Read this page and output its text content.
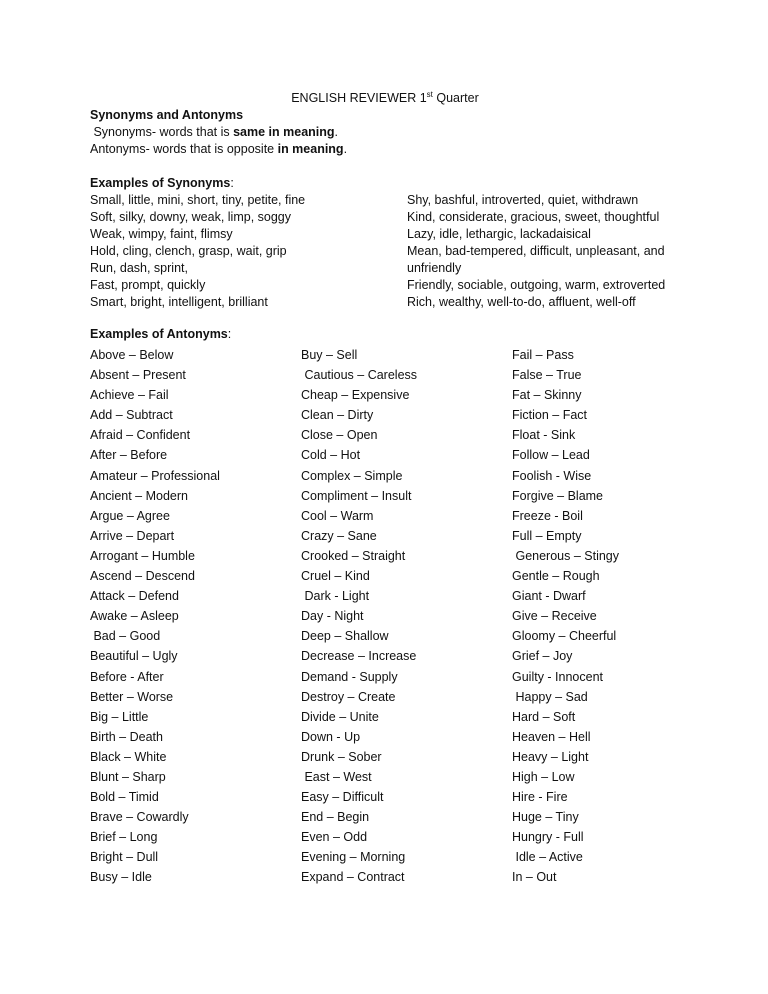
ENGLISH REVIEWER 1st Quarter
Synonyms and Antonyms
Synonyms- words that is same in meaning.
Antonyms- words that is opposite in meaning.
Examples of Synonyms:
Small, little, mini, short, tiny, petite, fine
Soft, silky, downy, weak, limp, soggy
Weak, wimpy, faint, flimsy
Hold, cling, clench, grasp, wait, grip
Run, dash, sprint,
Fast, prompt, quickly
Smart, bright, intelligent, brilliant
Shy, bashful, introverted, quiet, withdrawn
Kind, considerate, gracious, sweet, thoughtful
Lazy, idle, lethargic, lackadaisical
Mean, bad-tempered, difficult, unpleasant, and
unfriendly
Friendly, sociable, outgoing, warm, extroverted
Rich, wealthy, well-to-do, affluent, well-off
Examples of Antonyms:
Above – Below
Absent – Present
Achieve – Fail
Add – Subtract
Afraid – Confident
After – Before
Amateur – Professional
Ancient – Modern
Argue – Agree
Arrive – Depart
Arrogant – Humble
Ascend – Descend
Attack – Defend
Awake – Asleep
Bad – Good
Beautiful – Ugly
Before - After
Better – Worse
Big – Little
Birth – Death
Black – White
Blunt – Sharp
Bold – Timid
Brave – Cowardly
Brief – Long
Bright – Dull
Busy – Idle
Buy – Sell
Cautious – Careless
Cheap – Expensive
Clean – Dirty
Close – Open
Cold – Hot
Complex – Simple
Compliment – Insult
Cool – Warm
Crazy – Sane
Crooked – Straight
Cruel – Kind
Dark - Light
Day - Night
Deep – Shallow
Decrease – Increase
Demand - Supply
Destroy – Create
Divide – Unite
Down - Up
Drunk – Sober
East – West
Easy – Difficult
End – Begin
Even – Odd
Evening – Morning
Expand – Contract
Fail – Pass
False – True
Fat – Skinny
Fiction – Fact
Float - Sink
Follow – Lead
Foolish - Wise
Forgive – Blame
Freeze - Boil
Full – Empty
Generous – Stingy
Gentle – Rough
Giant - Dwarf
Give – Receive
Gloomy – Cheerful
Grief – Joy
Guilty - Innocent
Happy – Sad
Hard – Soft
Heaven – Hell
Heavy – Light
High – Low
Hire - Fire
Huge – Tiny
Hungry - Full
Idle – Active
In – Out
